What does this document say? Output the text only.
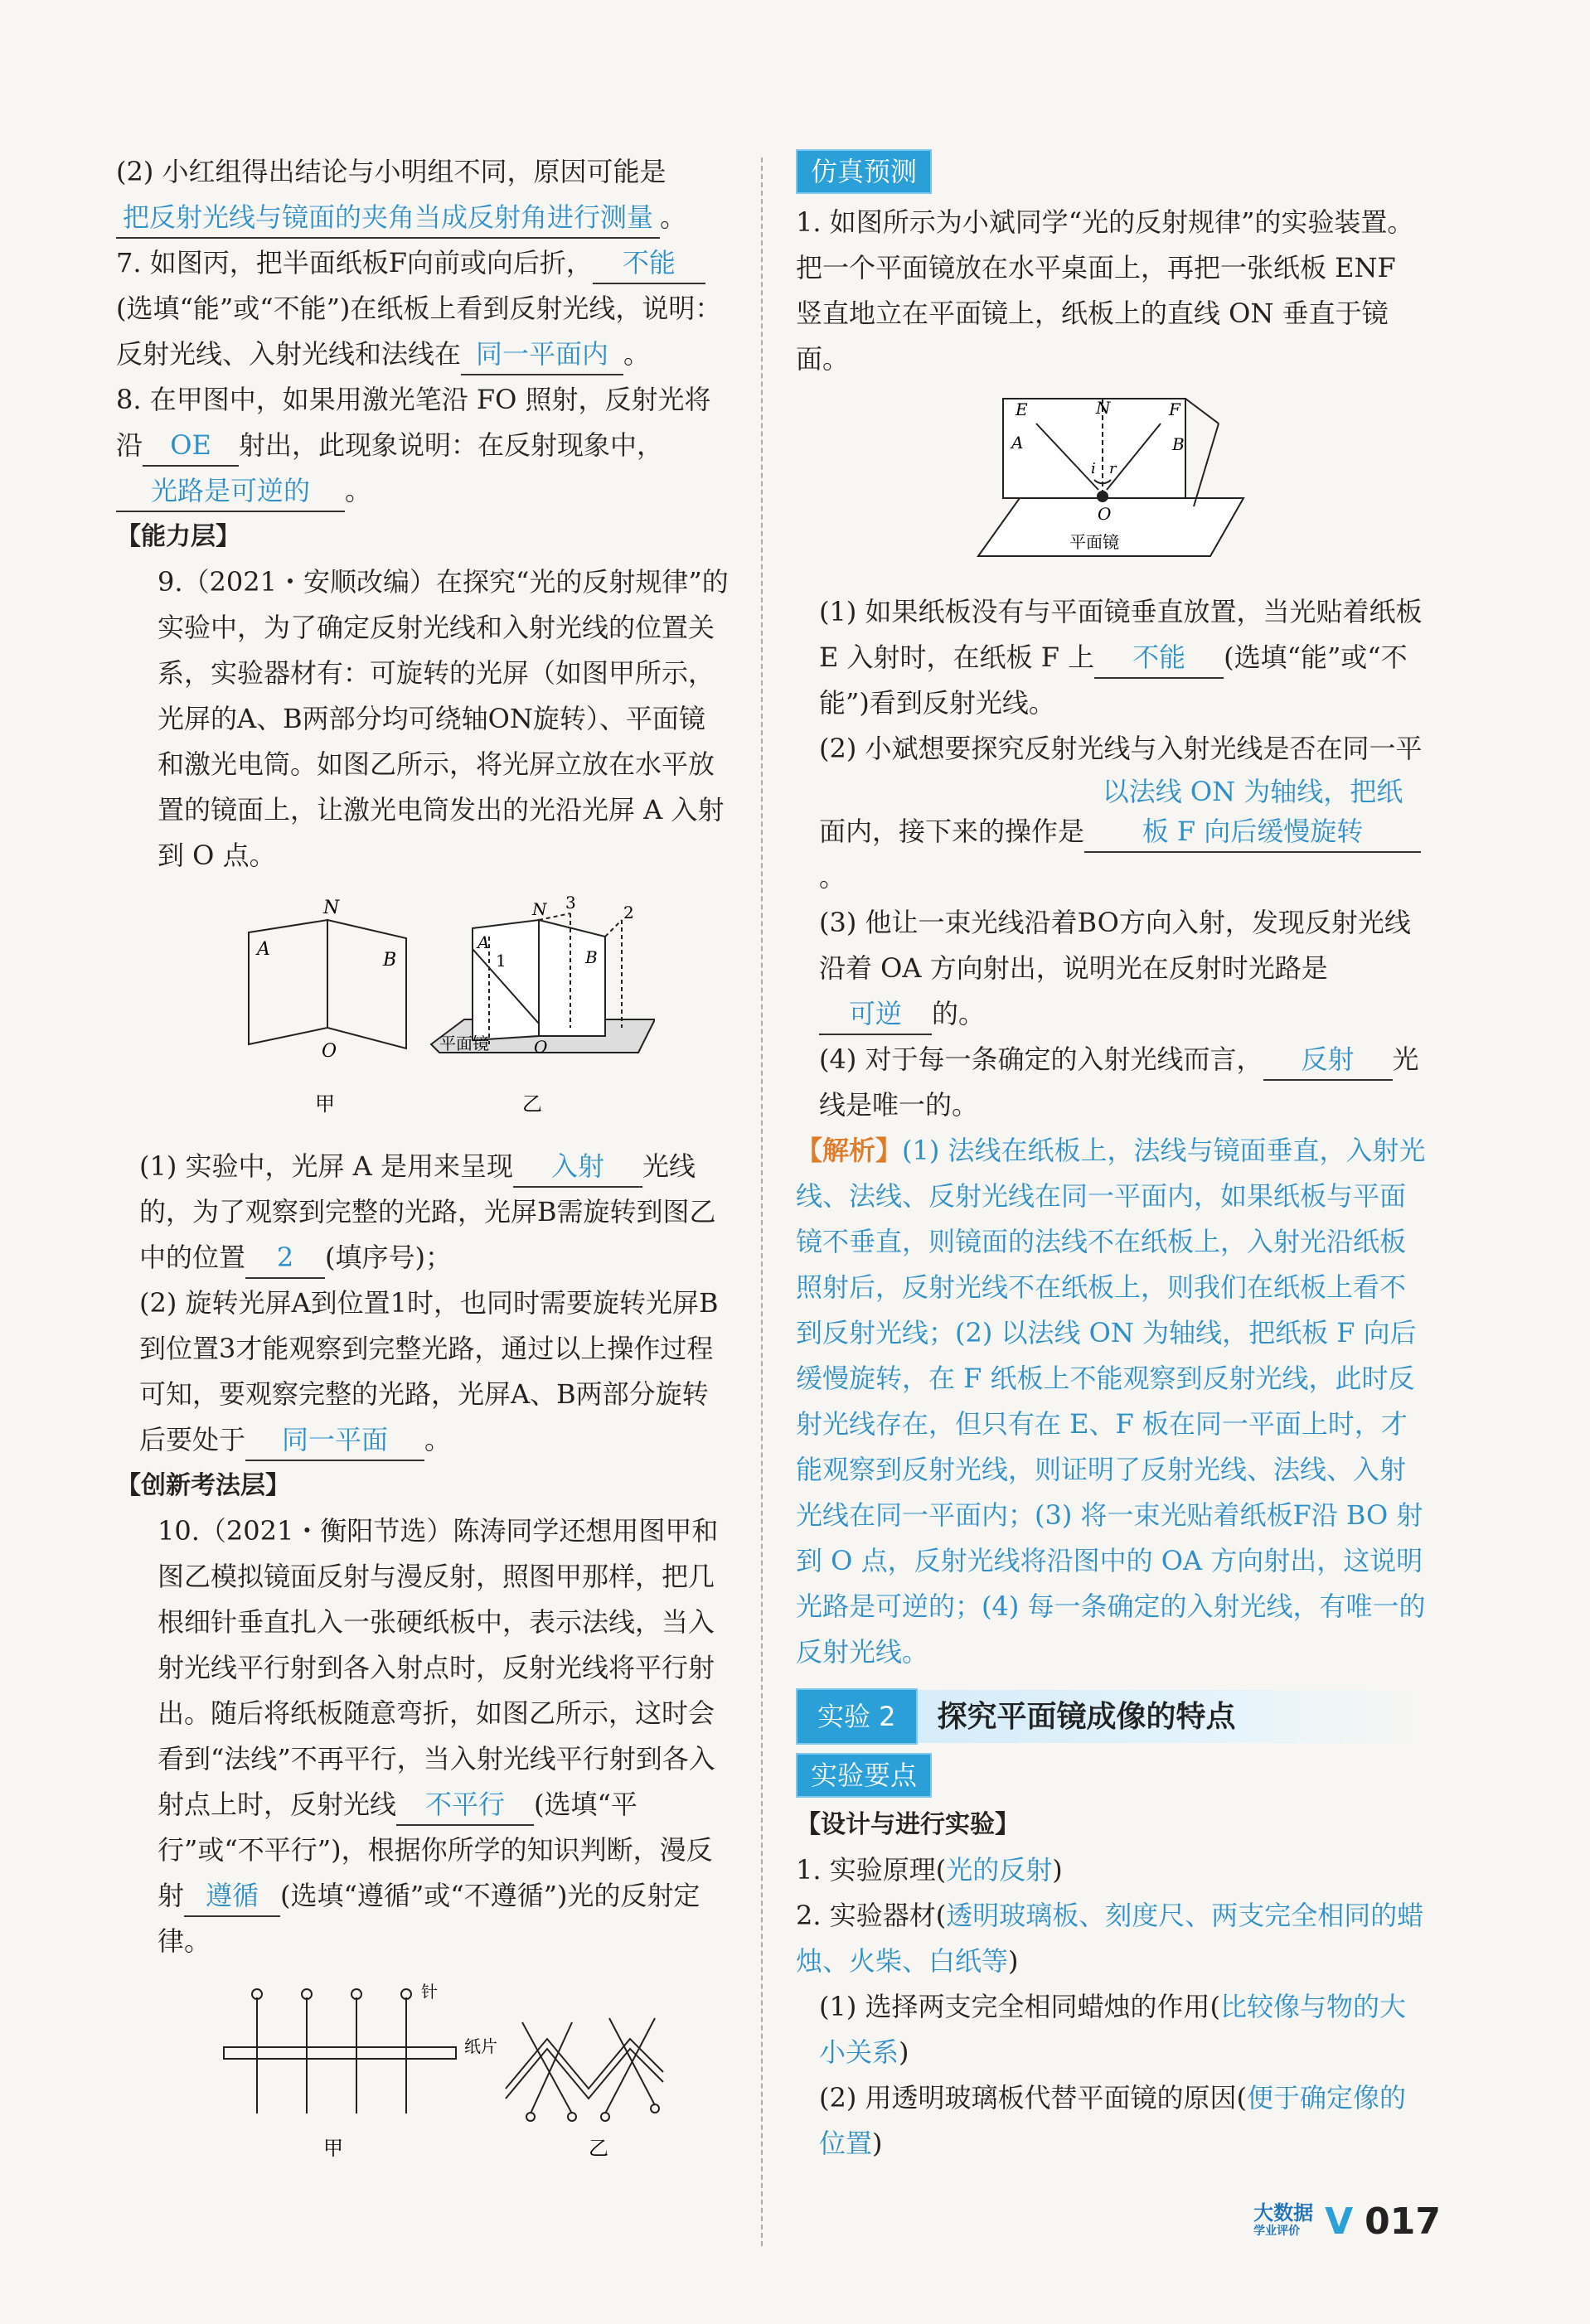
(2) 小红组得出结论与小明组不同，原因可能是
把反射光线与镜面的夹角当成反射角进行测量 。

7. 如图丙，把半面纸板F向前或向后折， 不能(选填“能”或“不能”)在纸板上看到反射光线，说明：反射光线、入射光线和法线在 同一平面内 。

8. 在甲图中，如果用激光笔沿 FO 照射，反射光将沿 OE 射出，此现象说明：在反射现象中，
光路是可逆的 。

【能力层】

9.（2021・安顺改编）在探究“光的反射规律”的实验中，为了确定反射光线和入射光线的位置关系，实验器材有：可旋转的光屏（如图甲所示，光屏的A、B两部分均可绕轴ON旋转）、平面镜和激光电筒。如图乙所示，将光屏立放在水平放置的镜面上，让激光电筒发出的光沿光屏 A 入射到 O 点。

A
B
N
O
甲
A
B
N
O
1
2
3
平面镜
乙

(1) 实验中，光屏 A 是用来呈现 入射 光线的，为了观察到完整的光路，光屏B需旋转到图乙中的位置 2 (填序号)；

(2) 旋转光屏A到位置1时，也同时需要旋转光屏B到位置3才能观察到完整光路，通过以上操作过程可知，要观察完整的光路，光屏A、B两部分旋转后要处于 同一平面 。

【创新考法层】

10.（2021・衡阳节选）陈涛同学还想用图甲和图乙模拟镜面反射与漫反射，照图甲那样，把几根细针垂直扎入一张硬纸板中，表示法线，当入射光线平行射到各入射点时，反射光线将平行射出。随后将纸板随意弯折，如图乙所示，这时会看到“法线”不再平行，当入射光线平行射到各入射点上时，反射光线 不平行 (选填“平行”或“不平行”)，根据你所学的知识判断，漫反射 遵循 (选填“遵循”或“不遵循”)光的反射定律。

针
纸片
甲	乙

仿真预测

1. 如图所示为小斌同学“光的反射规律”的实验装置。把一个平面镜放在水平桌面上，再把一张纸板 ENF 竖直地立在平面镜上，纸板上的直线 ON 垂直于镜面。

E	N	F
A	B
i r
O
平面镜

(1) 如果纸板没有与平面镜垂直放置，当光贴着纸板 E 入射时，在纸板 F 上 不能 (选填“能”或“不能”)看到反射光线。

(2) 小斌想要探究反射光线与入射光线是否在同一平面内，接下来的操作是以法线 ON 为轴线，把纸板 F 向后缓慢旋转。

(3) 他让一束光线沿着BO方向入射，发现反射光线沿着 OA 方向射出，说明光在反射时光路是可逆 的。

(4) 对于每一条确定的入射光线而言， 反射 光线是唯一的。

【解析】(1) 法线在纸板上，法线与镜面垂直，入射光线、法线、反射光线在同一平面内，如果纸板与平面镜不垂直，则镜面的法线不在纸板上，入射光沿纸板照射后，反射光线不在纸板上，则我们在纸板上看不到反射光线；(2) 以法线 ON 为轴线，把纸板 F 向后缓慢旋转，在 F 纸板上不能观察到反射光线，此时反射光线存在，但只有在 E、F 板在同一平面上时，才能观察到反射光线，则证明了反射光线、法线、入射光线在同一平面内；(3) 将一束光贴着纸板F沿 BO 射到 O 点，反射光线将沿图中的 OA 方向射出，这说明光路是可逆的；(4) 每一条确定的入射光线，有唯一的反射光线。

实验 2	探究平面镜成像的特点

实验要点

【设计与进行实验】

1. 实验原理(光的反射)

2. 实验器材(透明玻璃板、刻度尺、两支完全相同的蜡烛、火柴、白纸等)

(1) 选择两支完全相同蜡烛的作用(比较像与物的大小关系)

(2) 用透明玻璃板代替平面镜的原因(便于确定像的位置)

大数据
学业评价 V 017
